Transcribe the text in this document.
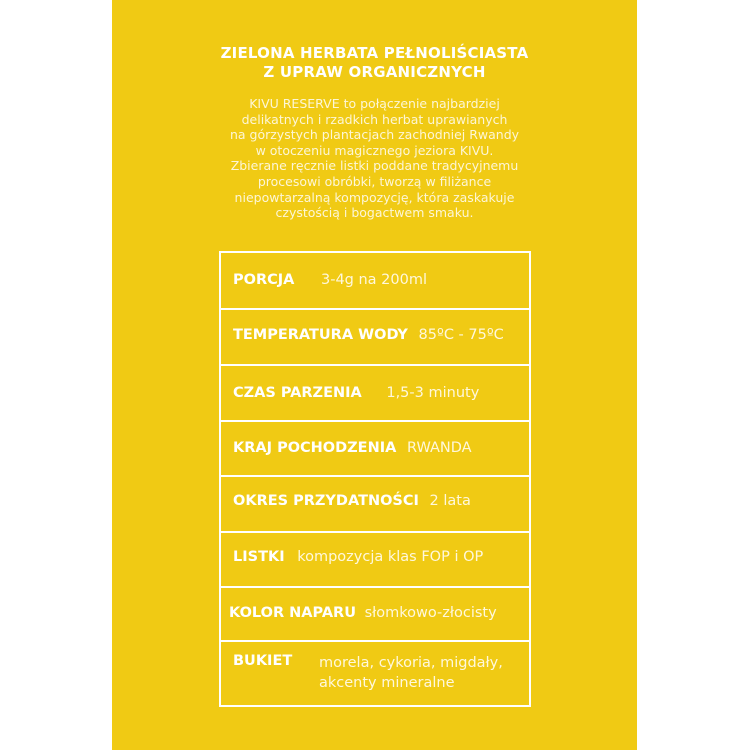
ZIELONA HERBATA PEŁNOLIŚCIASTA
Z UPRAW ORGANICZNYCH
KIVU RESERVE to połączenie najbardziej
delikatnych i rzadkich herbat uprawianych
na górzystych plantacjach zachodniej Rwandy
w otoczeniu magicznego jeziora KIVU.
Zbierane ręcznie listki poddane tradycyjnemu
procesowi obróbki, tworzą w filiżance
niepowtarzalną kompozycję, która zaskakuje
czystością i bogactwem smaku.
PORCJA 3-4g na 200ml
TEMPERATURA WODY 85ºC - 75ºC
CZAS PARZENIA 1,5-3 minuty
KRAJ POCHODZENIA RWANDA
OKRES PRZYDATNOŚCI 2 lata
LISTKI kompozycja klas FOP i OP
KOLOR NAPARU słomkowo-złocisty
BUKIET morela, cykoria, migdały,
akcenty mineralne
